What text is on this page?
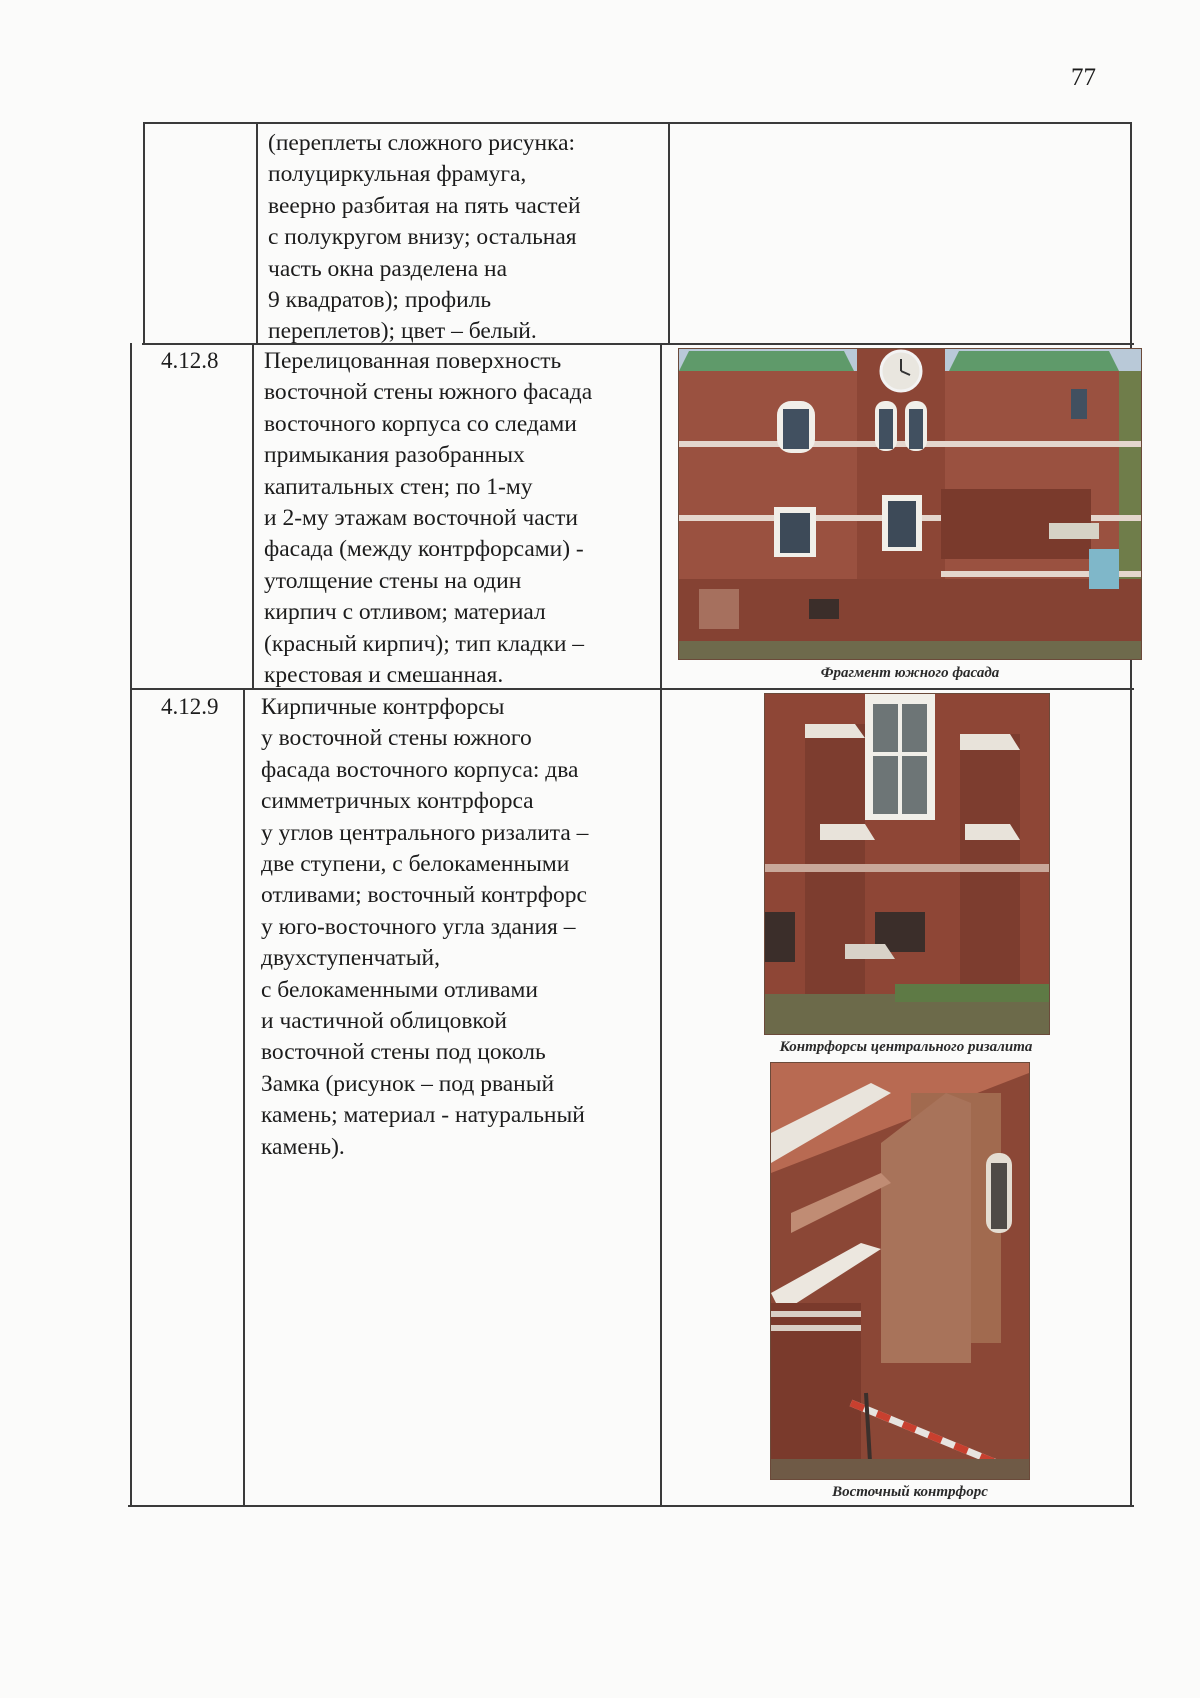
77
(переплеты сложного рисунка:
полуциркульная фрамуга,
веерно разбитая на пять частей
с полукругом внизу; остальная
часть окна разделена на
9 квадратов); профиль
переплетов); цвет – белый.
4.12.8 Перелицованная поверхность
восточной стены южного фасада
восточного корпуса со следами
примыкания разобранных
капитальных стен; по 1-му
и 2-му этажам восточной части
фасада (между контрфорсами) -
утолщение стены на один
кирпич с отливом; материал
(красный кирпич); тип кладки –
крестовая и смешанная.	Фрагмент южного фасада
4.12.9 Кирпичные контрфорсы
у восточной стены южного
фасада восточного корпуса: два
симметричных контрфорса
у углов центрального ризалита –
две ступени, с белокаменными
отливами; восточный контрфорс
у юго-восточного угла здания –
двухступенчатый,
с белокаменными отливами
и частичной облицовкой
восточной стены под цоколь
Замка (рисунок – под рваный
камень; материал - натуральный
камень).
Контрфорсы центрального ризалита
Восточный контрфорс
